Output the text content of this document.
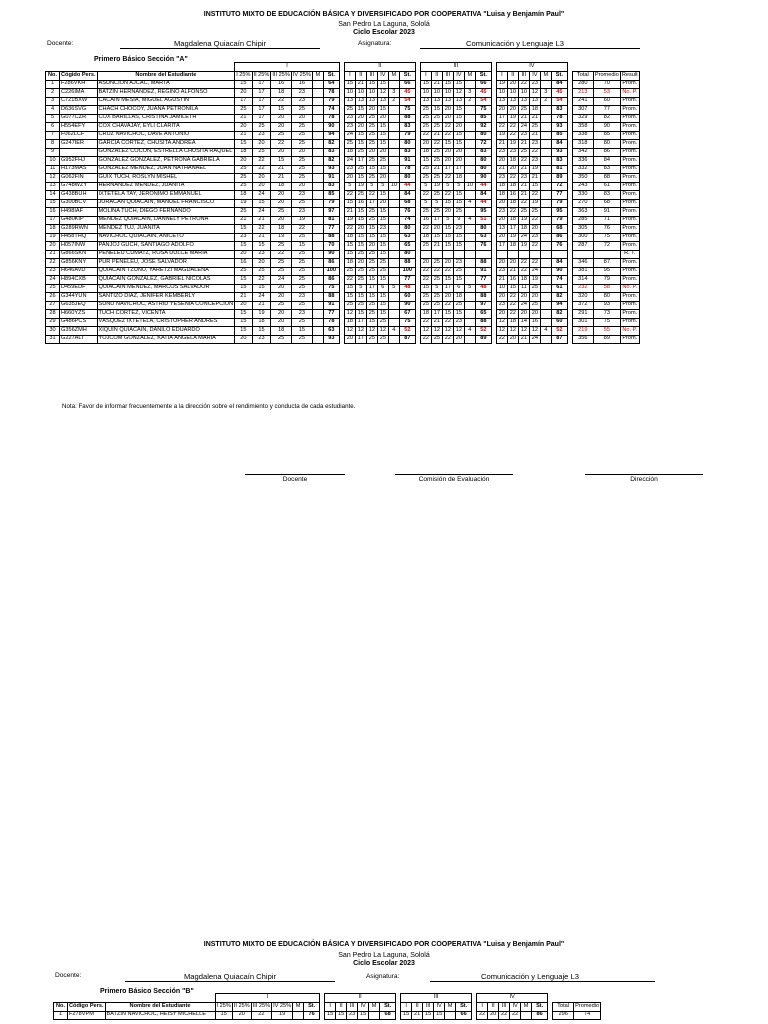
INSTITUTO MIXTO DE EDUCACIÓN BÁSICA Y DIVERSIFICADO POR COOPERATIVA "Luisa y Benjamín Paul"
San Pedro La Laguna, Sololá
Ciclo Escolar 2023
Docente:	Magdalena Quiacaín Chipir	Asignatura:	Comunicación y Lenguaje L3
Primero Básico Sección "A"
			I							II							III							IV									
No.	Cógido Pers.	Nombre del Estudiante	I 25%	II 25%	III 25%	IV 25%	M	St.		I	II	III	IV	M	St.		I	II	III	IV	M	St.		I	II	III	IV	M	St.		Total	Promedio	Result
1	F286VKH	ASUNCIÓN AJCAC, MARTA	15	17	16	16		64		15	21	15	15		66		15	21	15	15		66		19	20	22	23		84		280	70	Prom.
2	C226IMA	BATZÍN HERNÁNDEZ, REGINO ALFONSO	20	17	18	23		78		10	10	10	12	3	45		10	10	10	12	3	45		10	10	10	12	3	45		213	53	No. P.
3	C721BXW	CACAÍN MESÍA, MIGUEL AGUSTÍN	17	17	22	23		79		13	13	13	13	2	54		13	13	13	13	2	54		13	13	13	13	2	54		241	60	Prom.
4	D636SVG	CHACH CHOCOY, JUANA PETRONILA	25	17	15	25		74		25	15	20	15		75		25	15	20	15		75		20	20	25	18		83		307	77	Prom.
5	G077CZR	COX BARILLAS, CRISTINA JAMILETH	21	17	20	20		78		23	20	25	20		88		25	25	20	15		85		17	19	21	21		78		329	82	Prom.
6	H554EFY	COX CHAVAJAY, EYLI CLARITA	20	25	20	25		90		23	20	25	15		83		25	25	22	20		92		22	22	24	25		93		358	90	Prom.
7	F062LCF	CRUZ NAVICHOC, DAVE ANTONIO	21	23	25	25		94		24	15	25	15		79		22	21	22	15		80		19	22	23	21		85		338	85	Prom.
8	G247IER	GARCÍA CORTEZ, CHUSITA ANDREA	15	20	22	25		82		25	15	25	15		80		20	22	15	15		72		21	19	21	23		84		318	80	Prom.
9		GONZÁLEZ COCON, ESTRELLA CHUSITA RAQUEL	18	25	20	20		83		18	25	20	20		83		18	25	20	20		83		23	23	25	22		93		342	86	Prom.
10	G952FHJ	GONZALEZ GONZÁLEZ, PETRONA GABRIELA	20	22	15	25		82		24	17	25	25		91		15	25	20	20		80		20	18	22	23		83		336	84	Prom.
11	H173MAS	GONZALEZ MENDEZ, JUAN NATHANAEL	25	22	21	25		93		23	25	15	15		78		25	21	17	17		80		21	20	21	19		81		332	83	Prom.
12	G062FIN	GUIX TUCH, ROSLYN MISHEL	25	20	21	25		91		20	15	25	20		80		25	25	22	18		90		23	22	23	21		89		350	88	Prom.
13	G748WZY	HERNÁNDEZ MENDEZ, JUANITA	25	20	18	20		83		5	19	5	5	10	44		5	19	5	5	10	44		18	18	21	15		72		243	61	Prom.
14	G438BUH	IXTETELÁ TAY, JERÓNIMO EMMANUEL	18	24	20	23		85		22	25	22	15		84		22	25	22	15		84		18	16	21	22		77		330	83	Prom.
15	G300BCV	JURACÁN QUIACAÍN, MANUEL FRANCISCO	19	15	20	25		79		15	16	17	20		68		5	5	15	15	4	44		20	18	22	19		79		270	68	Prom.
16	H498IAF	MOLINA TUCH, DIEGO FERNANDO	25	24	25	23		97		21	15	25	15		76		25	25	20	25		95		23	22	25	25		95		363	91	Prom.
17	G480KIP	MÉNDEZ QUIACAÍN, DÁNNELY PETRONA	21	21	20	19		81		19	15	25	15		74		16	17	5	9	4	51		20	18	19	22		79		285	71	Prom.
18	G289RWN	MÉNDEZ TUJ, JUANITA	15	22	18	22		77		22	20	15	23		80		22	20	15	23		80		13	17	18	20		68		305	76	Prom.
19	H458THQ	NAVICHOC QUIACAÍN, ANICETO	23	21	19	25		88		18	15	15	15		63		18	15	15	15		63		20	19	24	23		86		300	75	Prom.
20	H057INW	PANJOJ GUCH, SANTIAGO ADOLFO	15	15	25	15		70		15	15	20	15		65		25	21	15	15		76		17	18	19	22		76		287	72	Prom.
21	G866SKN	PENELEU CUMATZ, ROSA DULCE MARÍA	20	23	22	25		90		15	25	25	15		80																		R. T.
22	G856KNY	PUR PENELEU, JOSÉ SALVADOR	16	20	25	25		86		18	20	25	25		88		20	25	20	23		88		20	20	22	22		84		346	87	Prom.
23	H646AVD	QUIACAÍN TZUNÚ, YARETZI MAGDALENA	25	25	25	25		100		25	25	25	25		100		22	22	22	25		91		23	21	22	24		90		381	95	Prom.
24	H894CXB	QUIACAÍN GONZÁLEZ, GABRIEL NICOLAS	15	22	24	25		86		22	25	15	15		77		22	25	15	15		77		21	16	18	19		74		314	79	Prom.
25	D459EDF	QUIACAÍN MÉNDEZ, MARCOS SALVADOR	15	15	20	25		75		15	5	17	6	5	48		15	5	17	6	5	48		10	15	11	25		61		232	58	No. P.
26	G344YUN	SANTIZO DÍAZ, JENIFER KEMBERLY	21	24	20	23		88		15	15	15	15		60		25	25	20	18		88		20	22	20	20		82		320	80	Prom.
27	G635JEQ	SUNU NAVICHOC, ASTRID YESENIA CONCEPCIÓN	20	21	25	25		91		25	25	25	15		90		25	25	22	25		97		23	22	24	25		94		372	93	Prom.
28	H660YZS	TUCH CORTEZ, VICENTA	15	19	20	23		77		12	15	25	15		67		18	17	15	15		65		20	22	20	20		82		291	73	Prom.
29	G486PCS	VÁSQUEZ IXTETELÁ, CRISTOPHER ANDRES	15	18	20	25		78		18	17	15	25		75		22	21	22	23		88		12	18	14	16		60		301	75	Prom.
30	G356ZMH	XIQUÍN QUIACAÍN, DANILO EDUARDO	15	15	18	15		63		12	12	12	12	4	52		12	12	12	12	4	52		12	12	12	12	4	52		219	55	No. P.
31	G227ALI	YOJCOM GONZÁLEZ, KATIA ÁNGELA MARÍA	20	23	25	25		93		20	17	25	25		87		22	25	22	20		89		22	20	21	24		87		356	89	Prom.
Nota: Favor de informar frecuentemente a la dirección sobre el rendimiento y conducta de cada estudiante.
Docente	Comisión de Evaluación	Dirección
INSTITUTO MIXTO DE EDUCACIÓN BÁSICA Y DIVERSIFICADO POR COOPERATIVA "Luisa y Benjamín Paul"
San Pedro La Laguna, Sololá
Ciclo Escolar 2023
Docente:	Magdalena Quiacaín Chipir	Asignatura:	Comunicación y Lenguaje L3
Primero Básico Sección "B"
			I							II							III							IV								
No.	Código Pers.	Nombre del Estudiante	I 25%	II 25%	III 25%	IV 25%	M	St.		I	II	III	IV	M	St.		I	II	III	IV	M	St.		I	II	III	IV	M	St.		Total	Promedio
1	F278VPM	BATZÍN NAVICHOC, HEISY MICHELLE	15	20	22	19		76		15	15	23	15		68		15	21	15	15		66		22	20	22	22		86		296	74
